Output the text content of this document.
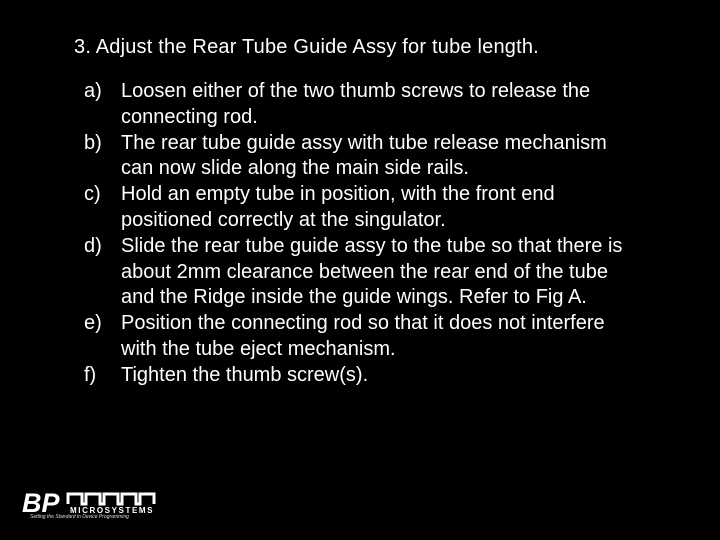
3. Adjust the Rear Tube Guide Assy for tube length.
a) Loosen either of the two thumb screws to release the connecting rod.
b) The rear tube guide assy with tube release mechanism can now slide along the main side rails.
c) Hold an empty tube in position, with the front end positioned correctly at the singulator.
d) Slide the rear tube guide assy to the tube so that there is about 2mm clearance between the rear end of the tube and the Ridge inside the guide wings. Refer to Fig A.
e) Position the connecting rod so that it does not interfere with the tube eject mechanism.
f) Tighten the thumb screw(s).
BP MICROSYSTEMS
Setting the Standard in Device Programming
